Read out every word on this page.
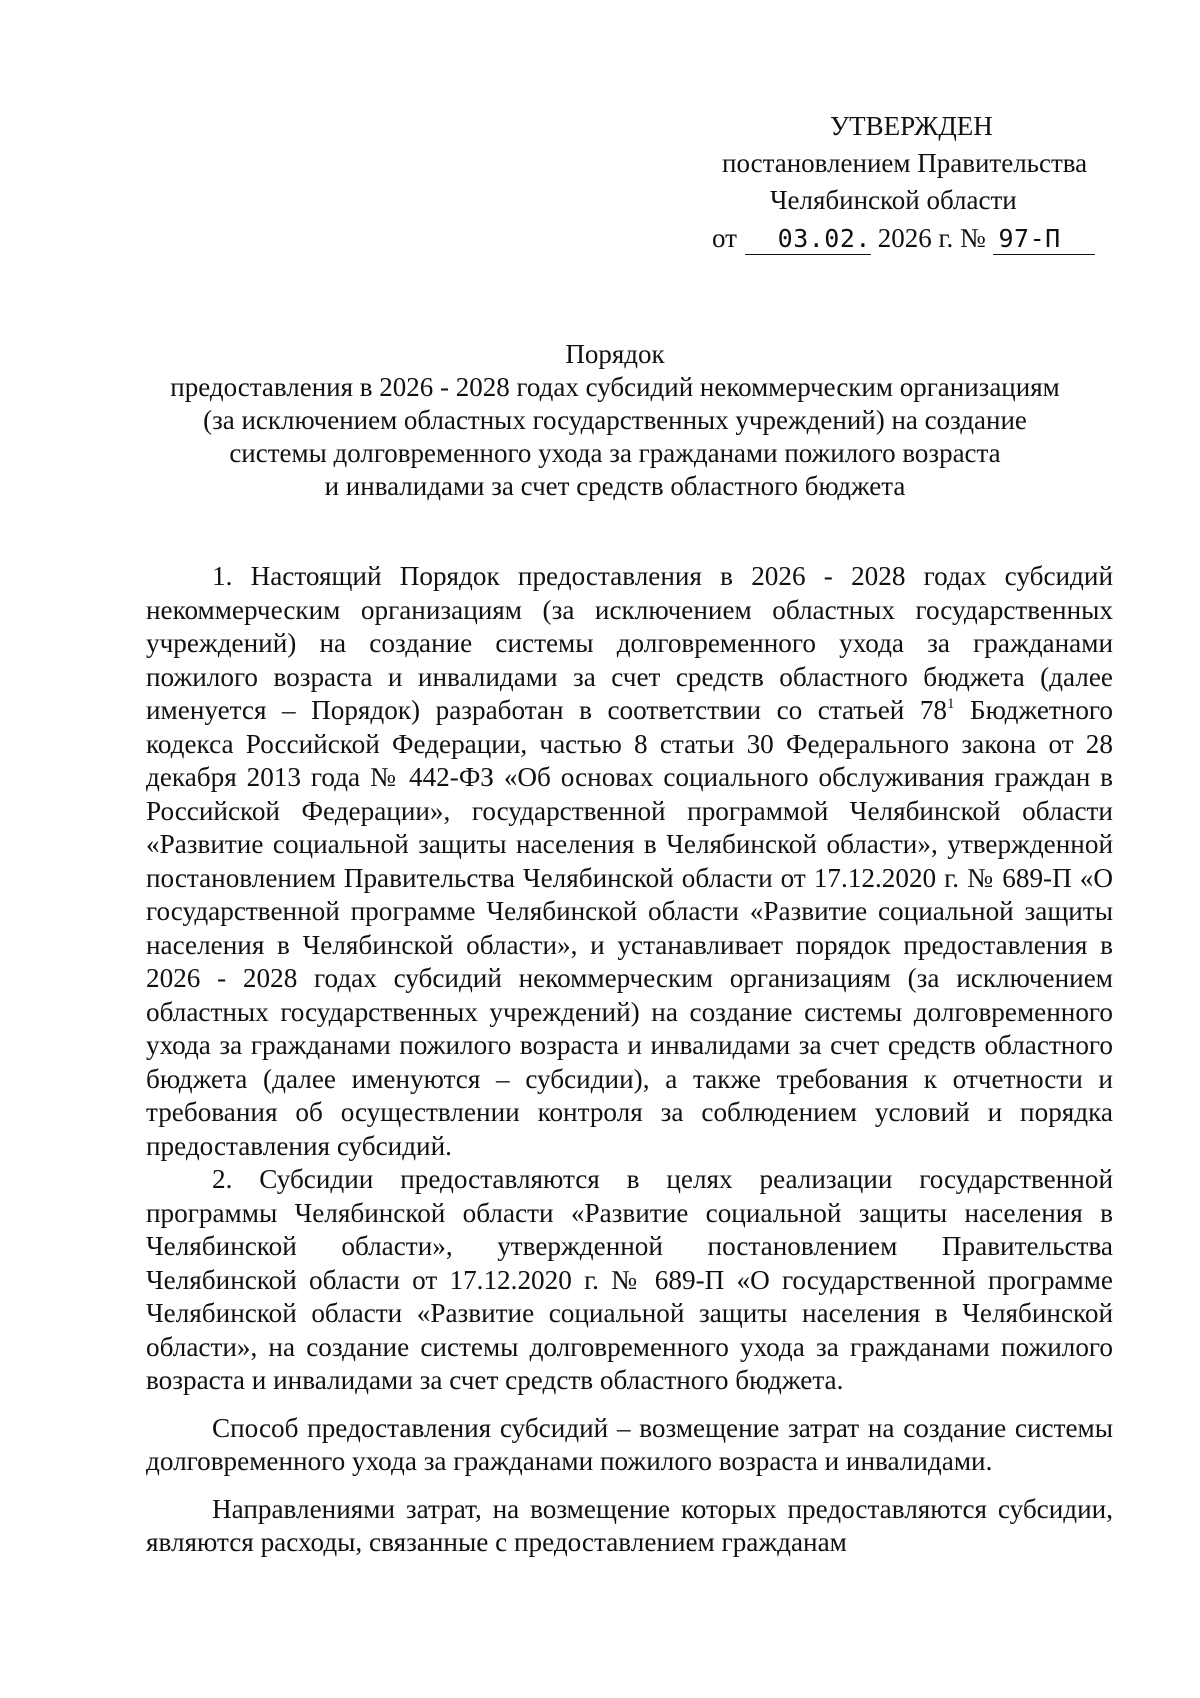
УТВЕРЖДЕН
постановлением Правительства
Челябинской области
от 03.02. 2026 г. № 97-П
Порядок
предоставления в 2026 - 2028 годах субсидий некоммерческим организациям
(за исключением областных государственных учреждений) на создание
системы долговременного ухода за гражданами пожилого возраста
и инвалидами за счет средств областного бюджета

1. Настоящий Порядок предоставления в 2026 - 2028 годах субсидий некоммерческим организациям (за исключением областных государственных учреждений) на создание системы долговременного ухода за гражданами пожилого возраста и инвалидами за счет средств областного бюджета (далее именуется – Порядок) разработан в соответствии со статьей $78^1$ Бюджетного кодекса Российской Федерации, частью 8 статьи 30 Федерального закона от 28 декабря 2013 года № 442-ФЗ «Об основах социального обслуживания граждан в Российской Федерации», государственной программой Челябинской области «Развитие социальной защиты населения в Челябинской области», утвержденной постановлением Правительства Челябинской области от 17.12.2020 г. № 689-П «О государственной программе Челябинской области «Развитие социальной защиты населения в Челябинской области», и устанавливает порядок предоставления в 2026 - 2028 годах субсидий некоммерческим организациям (за исключением областных государственных учреждений) на создание системы долговременного ухода за гражданами пожилого возраста и инвалидами за счет средств областного бюджета (далее именуются – субсидии), а также требования к отчетности и требования об осуществлении контроля за соблюдением условий и порядка предоставления субсидий.

2. Субсидии предоставляются в целях реализации государственной программы Челябинской области «Развитие социальной защиты населения в Челябинской области», утвержденной постановлением Правительства Челябинской области от 17.12.2020 г. № 689-П «О государственной программе Челябинской области «Развитие социальной защиты населения в Челябинской области», на создание системы долговременного ухода за гражданами пожилого возраста и инвалидами за счет средств областного бюджета.

Способ предоставления субсидий – возмещение затрат на создание системы долговременного ухода за гражданами пожилого возраста и инвалидами.

Направлениями затрат, на возмещение которых предоставляются субсидии, являются расходы, связанные с предоставлением гражданам
